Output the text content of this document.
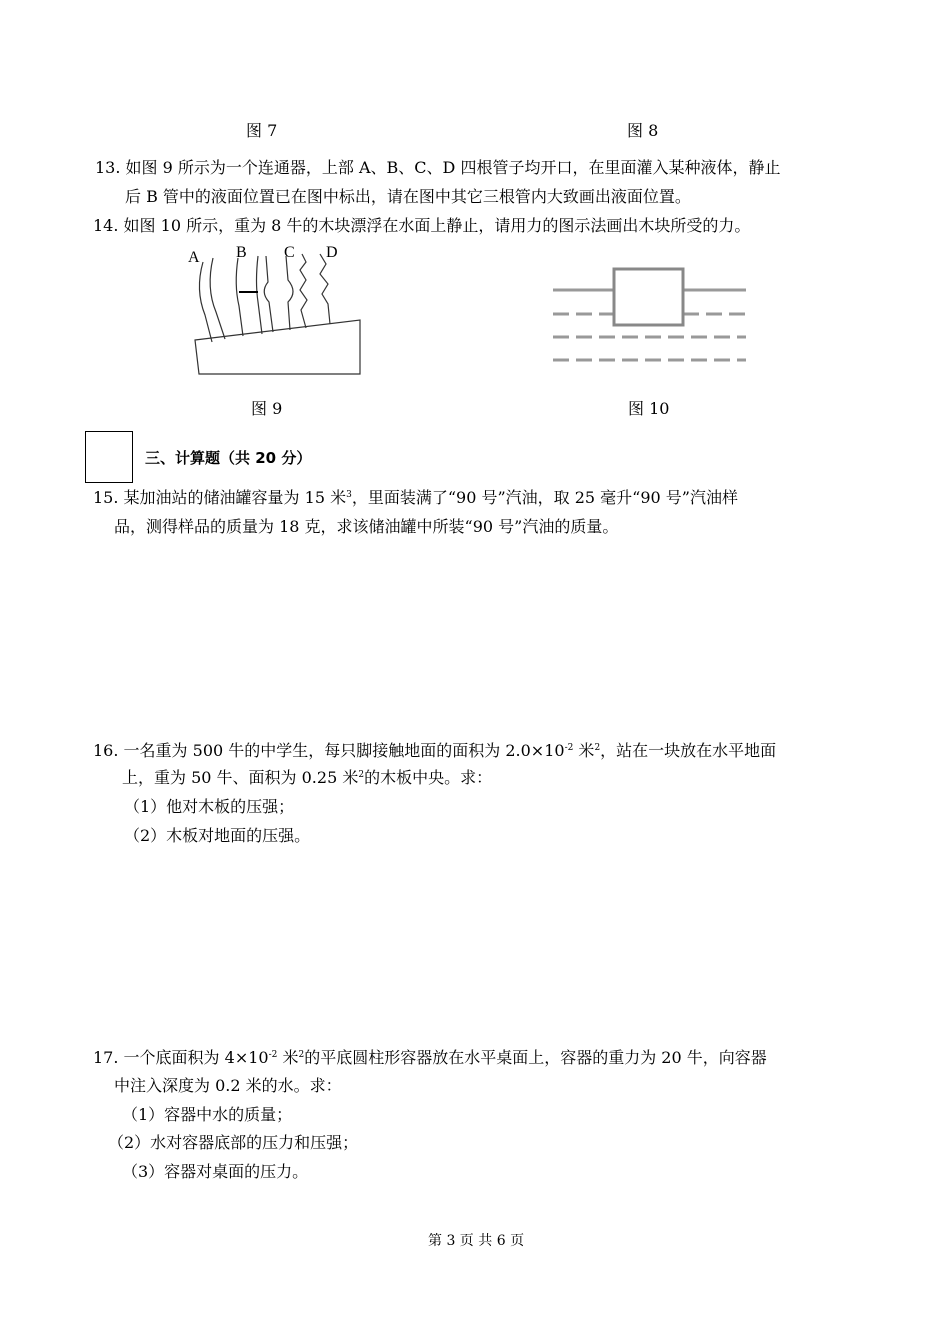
图 7	图 8
13. 如图 9 所示为一个连通器，上部 A、B、C、D 四根管子均开口，在里面灌入某种液体，静止
后 B 管中的液面位置已在图中标出，请在图中其它三根管内大致画出液面位置。
14. 如图 10 所示，重为 8 牛的木块漂浮在水面上静止，请用力的图示法画出木块所受的力。
A B C D
图 9	图 10
三、计算题（共 20 分）
15. 某加油站的储油罐容量为 15 米$^3$，里面装满了“90 号”汽油，取 25 毫升“90 号”汽油样
品，测得样品的质量为 18 克，求该储油罐中所装“90 号”汽油的质量。
16. 一名重为 500 牛的中学生，每只脚接触地面的面积为 $2.0\times 10^{-2}$ 米$^2$，站在一块放在水平地面
上，重为 50 牛、面积为 0.25 米$^2$的木板中央。求：
（1）他对木板的压强；
（2）木板对地面的压强。
17. 一个底面积为 $4\times 10^{-2}$ 米$^2$的平底圆柱形容器放在水平桌面上，容器的重力为 20 牛，向容器
中注入深度为 0.2 米的水。求：
（1）容器中水的质量；
（2）水对容器底部的压力和压强；
（3）容器对桌面的压力。
第 3 页 共 6 页
